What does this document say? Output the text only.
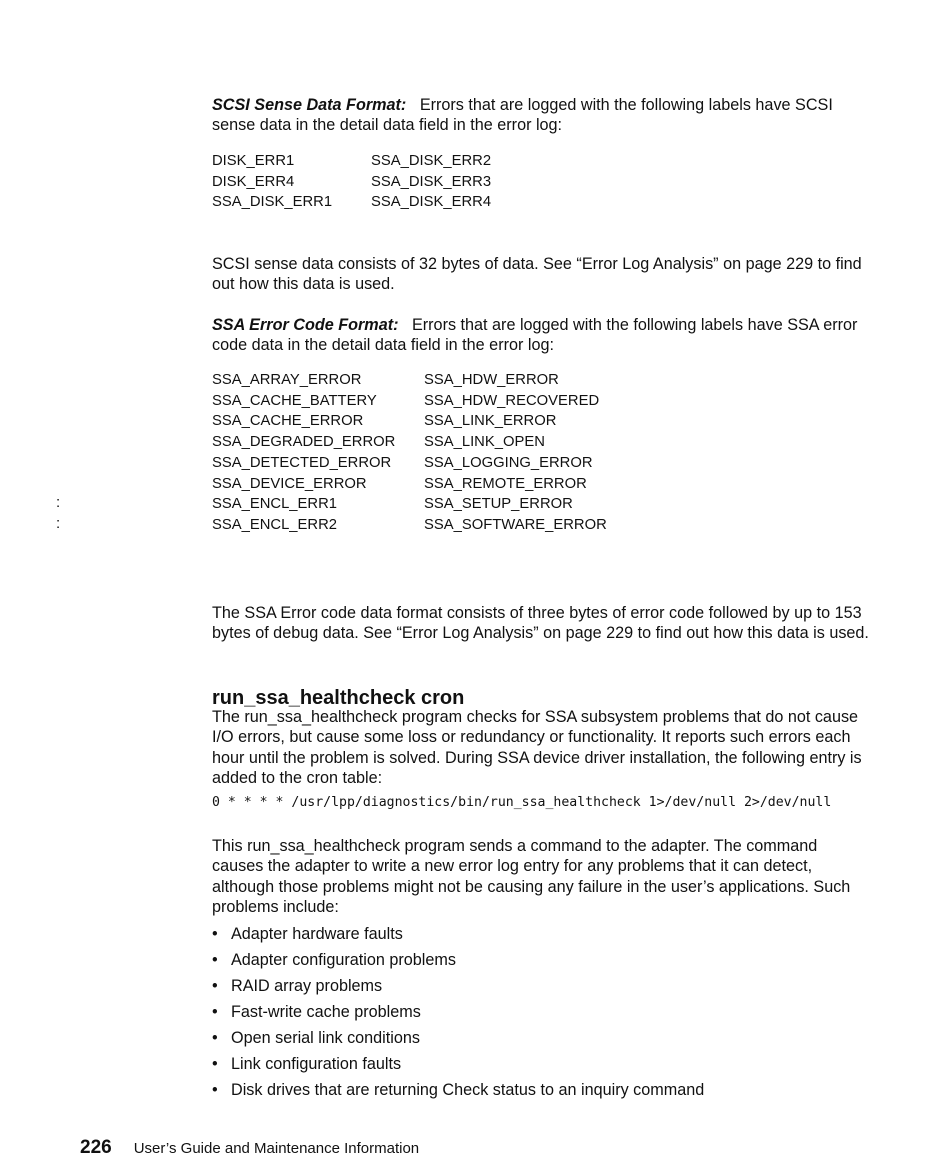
SCSI Sense Data Format: Errors that are logged with the following labels have SCSI sense data in the detail data field in the error log:

DISK_ERR1	SSA_DISK_ERR2
DISK_ERR4	SSA_DISK_ERR3
SSA_DISK_ERR1	SSA_DISK_ERR4

SCSI sense data consists of 32 bytes of data. See “Error Log Analysis” on page 229 to find out how this data is used.

SSA Error Code Format: Errors that are logged with the following labels have SSA error code data in the detail data field in the error log:

SSA_ARRAY_ERROR	SSA_HDW_ERROR
SSA_CACHE_BATTERY	SSA_HDW_RECOVERED
SSA_CACHE_ERROR	SSA_LINK_ERROR
SSA_DEGRADED_ERROR	SSA_LINK_OPEN
SSA_DETECTED_ERROR	SSA_LOGGING_ERROR
SSA_DEVICE_ERROR	SSA_REMOTE_ERROR
SSA_ENCL_ERR1	SSA_SETUP_ERROR
SSA_ENCL_ERR2	SSA_SOFTWARE_ERROR
:
:

The SSA Error code data format consists of three bytes of error code followed by up to 153 bytes of debug data. See “Error Log Analysis” on page 229 to find out how this data is used.

run_ssa_healthcheck cron

The run_ssa_healthcheck program checks for SSA subsystem problems that do not cause I/O errors, but cause some loss or redundancy or functionality. It reports such errors each hour until the problem is solved. During SSA device driver installation, the following entry is added to the cron table:

0 * * * * /usr/lpp/diagnostics/bin/run_ssa_healthcheck 1>/dev/null 2>/dev/null

This run_ssa_healthcheck program sends a command to the adapter. The command causes the adapter to write a new error log entry for any problems that it can detect, although those problems might not be causing any failure in the user’s applications. Such problems include:

• Adapter hardware faults
• Adapter configuration problems
• RAID array problems
• Fast-write cache problems
• Open serial link conditions
• Link configuration faults
• Disk drives that are returning Check status to an inquiry command
226 User’s Guide and Maintenance Information
